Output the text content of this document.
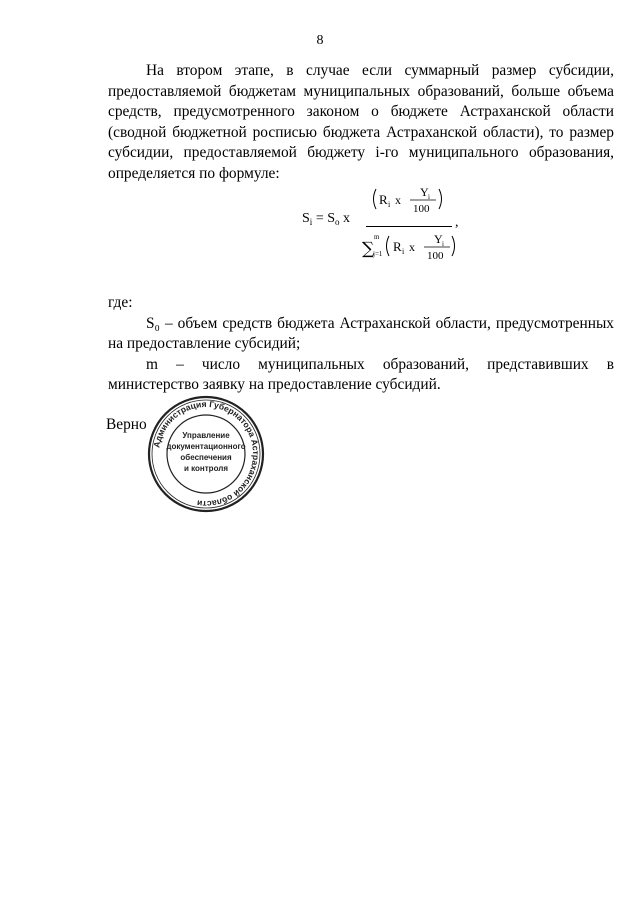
8

На втором этапе, в случае если суммарный размер субсидии, предоставляемой бюджетам муниципальных образований, больше объема средств, предусмотренного законом о бюджете Астраханской области (сводной бюджетной росписью бюджета Астраханской области), то размер субсидии, предоставляемой бюджету i-го муниципального образования, определяется по формуле:

$S_i = S_o$ x
R i x
Y i
100
∑
m
j=1 R i x
Y i
100
,

где:

S₀ – объем средств бюджета Астраханской области, предусмотренных на предоставление субсидий;

m – число муниципальных образований, представивших в министерство заявку на предоставление субсидий.

Верно
Администрация Губернатора Астраханской области
Управление
документационного
обеспечения
и контроля
